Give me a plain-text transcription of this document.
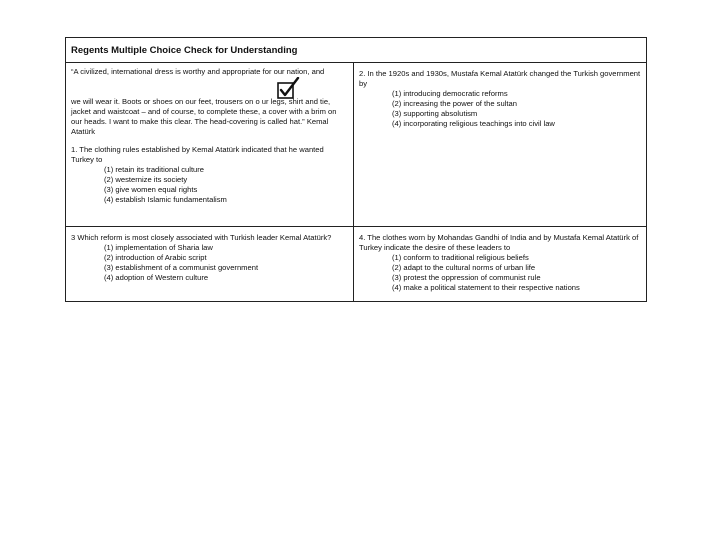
Regents Multiple Choice Check for Understanding

“A civilized, international dress is worthy and appropriate for our nation, and

we will wear it. Boots or shoes on our feet, trousers on o ur legs, shirt and tie, jacket and waistcoat – and of course, to complete these, a cover with a brim on our heads. I want to make this clear. The head-covering is called hat.” Kemal Atatürk

1. The clothing rules established by Kemal Atatürk indicated that he wanted Turkey to

(1) retain its traditional culture
(2) westernize its society
(3) give women equal rights
(4) establish Islamic fundamentalism

2. In the 1920s and 1930s, Mustafa Kemal Atatürk changed the Turkish government by

(1) introducing democratic reforms
(2) increasing the power of the sultan
(3) supporting absolutism
(4) incorporating religious teachings into civil law

3 Which reform is most closely associated with Turkish leader Kemal Atatürk?

(1) implementation of Sharia law
(2) introduction of Arabic script
(3) establishment of a communist government
(4) adoption of Western culture

4. The clothes worn by Mohandas Gandhi of India and by Mustafa Kemal Atatürk of Turkey indicate the desire of these leaders to

(1) conform to traditional religious beliefs
(2) adapt to the cultural norms of urban life
(3) protest the oppression of communist rule
(4) make a political statement to their respective nations
